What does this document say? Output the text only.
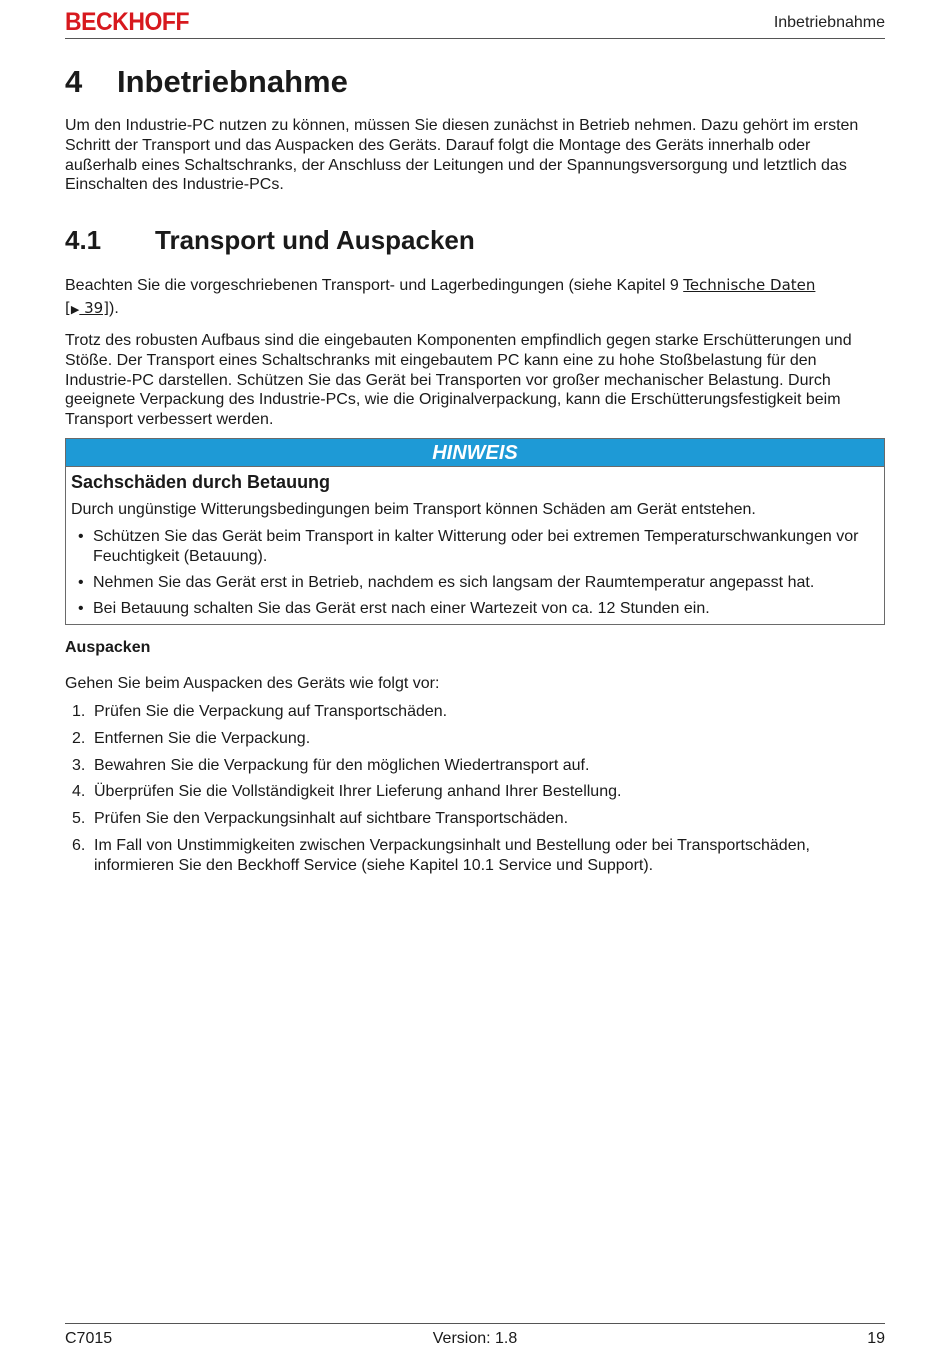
BECKHOFF	Inbetriebnahme
4 Inbetriebnahme

Um den Industrie-PC nutzen zu können, müssen Sie diesen zunächst in Betrieb nehmen. Dazu gehört im ersten Schritt der Transport und das Auspacken des Geräts. Darauf folgt die Montage des Geräts innerhalb oder außerhalb eines Schaltschranks, der Anschluss der Leitungen und der Spannungsversorgung und letztlich das Einschalten des Industrie-PCs.

4.1 Transport und Auspacken

Beachten Sie die vorgeschriebenen Transport- und Lagerbedingungen (siehe Kapitel 9 Technische Daten
[▶ 39]).

Trotz des robusten Aufbaus sind die eingebauten Komponenten empfindlich gegen starke Erschütterungen und Stöße. Der Transport eines Schaltschranks mit eingebautem PC kann eine zu hohe Stoßbelastung für den Industrie-PC darstellen. Schützen Sie das Gerät bei Transporten vor großer mechanischer Belastung. Durch geeignete Verpackung des Industrie-PCs, wie die Originalverpackung, kann die Erschütterungsfestigkeit beim Transport verbessert werden.

HINWEIS

Sachschäden durch Betauung

Durch ungünstige Witterungsbedingungen beim Transport können Schäden am Gerät entstehen.

• Schützen Sie das Gerät beim Transport in kalter Witterung oder bei extremen Temperaturschwankungen vor Feuchtigkeit (Betauung).
• Nehmen Sie das Gerät erst in Betrieb, nachdem es sich langsam der Raumtemperatur angepasst hat.
• Bei Betauung schalten Sie das Gerät erst nach einer Wartezeit von ca. 12 Stunden ein.
Auspacken

Gehen Sie beim Auspacken des Geräts wie folgt vor:

1. Prüfen Sie die Verpackung auf Transportschäden.
2. Entfernen Sie die Verpackung.
3. Bewahren Sie die Verpackung für den möglichen Wiedertransport auf.
4. Überprüfen Sie die Vollständigkeit Ihrer Lieferung anhand Ihrer Bestellung.
5. Prüfen Sie den Verpackungsinhalt auf sichtbare Transportschäden.
6. Im Fall von Unstimmigkeiten zwischen Verpackungsinhalt und Bestellung oder bei Transportschäden, informieren Sie den Beckhoff Service (siehe Kapitel 10.1 Service und Support).
C7015	Version: 1.8	19
